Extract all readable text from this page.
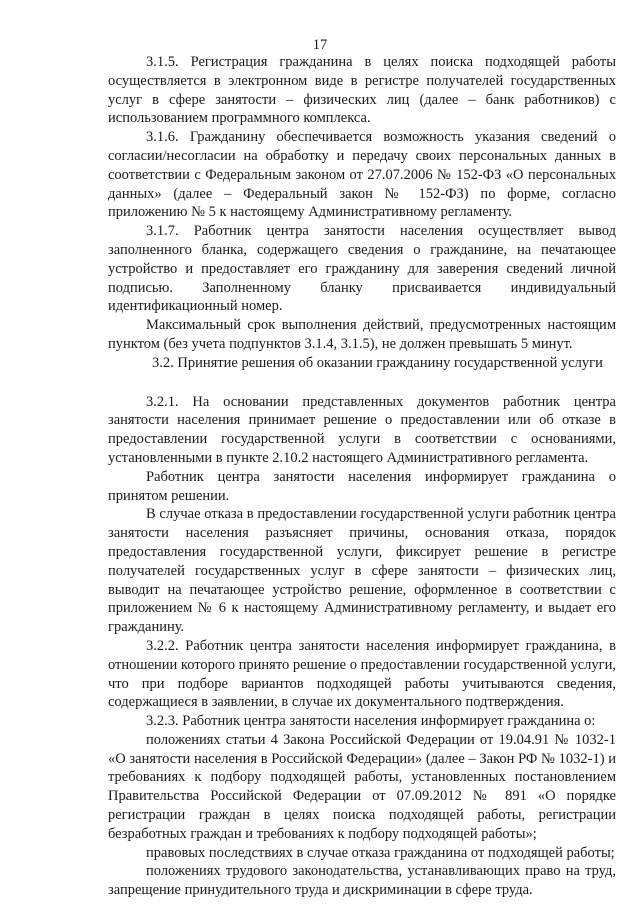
17

3.1.5. Регистрация гражданина в целях поиска подходящей работы осуществляется в электронном виде в регистре получателей государственных услуг в сфере занятости – физических лиц (далее – банк работников) с использованием программного комплекса.

3.1.6. Гражданину обеспечивается возможность указания сведений о согласии/несогласии на обработку и передачу своих персональных данных в соответствии с Федеральным законом от 27.07.2006 № 152-ФЗ «О персональных данных» (далее – Федеральный закон № 152-ФЗ) по форме, согласно приложению № 5 к настоящему Административному регламенту.

3.1.7. Работник центра занятости населения осуществляет вывод заполненного бланка, содержащего сведения о гражданине, на печатающее устройство и предоставляет его гражданину для заверения сведений личной подписью. Заполненному бланку присваивается индивидуальный идентификационный номер.

Максимальный срок выполнения действий, предусмотренных настоящим пунктом (без учета подпунктов 3.1.4, 3.1.5), не должен превышать 5 минут.

3.2. Принятие решения об оказании гражданину государственной услуги

3.2.1. На основании представленных документов работник центра занятости населения принимает решение о предоставлении или об отказе в предоставлении государственной услуги в соответствии с основаниями, установленными в пункте 2.10.2 настоящего Административного регламента.

Работник центра занятости населения информирует гражданина о принятом решении.

В случае отказа в предоставлении государственной услуги работник центра занятости населения разъясняет причины, основания отказа, порядок предоставления государственной услуги, фиксирует решение в регистре получателей государственных услуг в сфере занятости – физических лиц, выводит на печатающее устройство решение, оформленное в соответствии с приложением № 6 к настоящему Административному регламенту, и выдает его гражданину.

3.2.2. Работник центра занятости населения информирует гражданина, в отношении которого принято решение о предоставлении государственной услуги, что при подборе вариантов подходящей работы учитываются сведения, содержащиеся в заявлении, в случае их документального подтверждения.

3.2.3. Работник центра занятости населения информирует гражданина о:

положениях статьи 4 Закона Российской Федерации от 19.04.91 № 1032-1 «О занятости населения в Российской Федерации» (далее – Закон РФ № 1032-1) и требованиях к подбору подходящей работы, установленных постановлением Правительства Российской Федерации от 07.09.2012 № 891 «О порядке регистрации граждан в целях поиска подходящей работы, регистрации безработных граждан и требованиях к подбору подходящей работы»;

правовых последствиях в случае отказа гражданина от подходящей работы;

положениях трудового законодательства, устанавливающих право на труд, запрещение принудительного труда и дискриминации в сфере труда.
